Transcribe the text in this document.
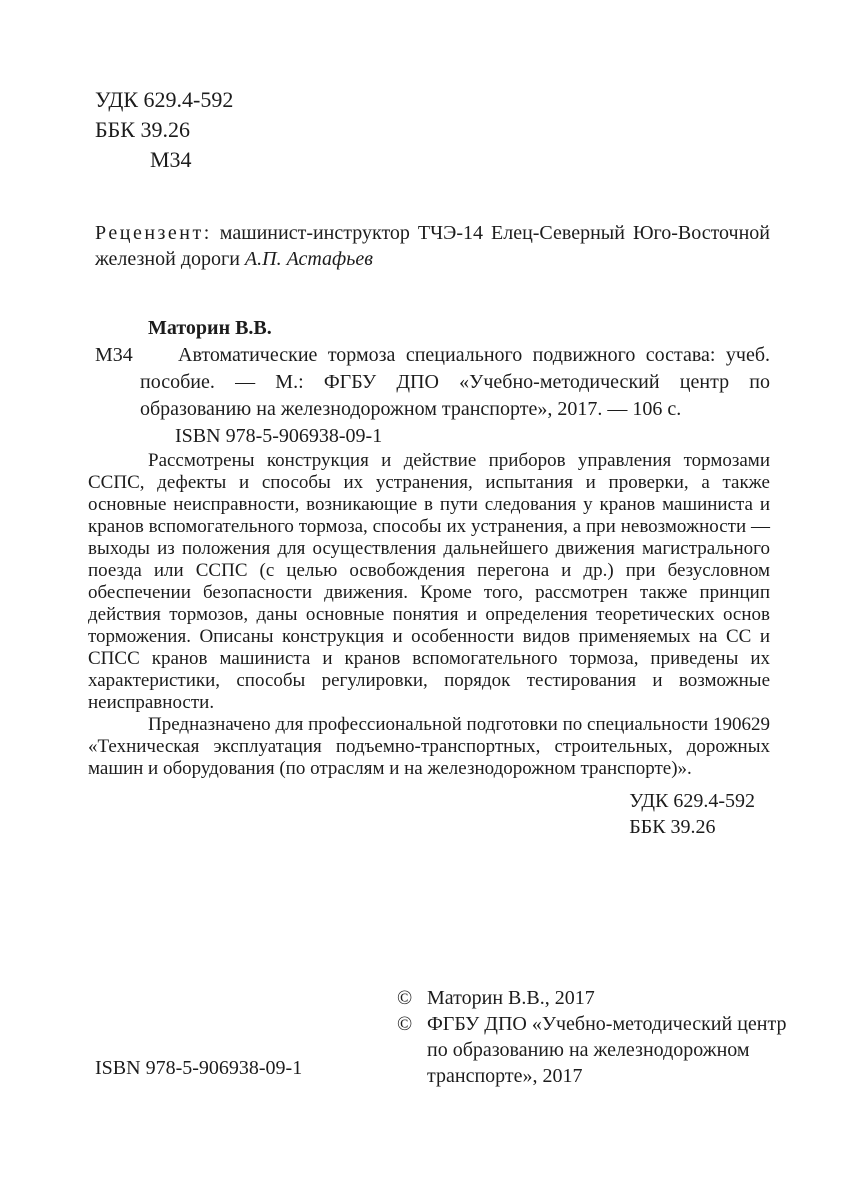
УДК 629.4-592
ББК 39.26
М34

Рецензент: машинист-инструктор ТЧЭ-14 Елец-Северный Юго-Восточной железной дороги А.П. Астафьев

Маторин В.В.
М34	Автоматические тормоза специального подвижного состава: учеб. пособие. — М.: ФГБУ ДПО «Учебно-методический центр по образованию на железнодорожном транспорте», 2017. — 106 с.

ISBN 978-5-906938-09-1

Рассмотрены конструкция и действие приборов управления тормозами ССПС, дефекты и способы их устранения, испытания и проверки, а также основные неисправности, возникающие в пути следования у кранов машиниста и кранов вспомогательного тормоза, способы их устранения, а при невозможности — выходы из положения для осуществления дальнейшего движения магистрального поезда или ССПС (с целью освобождения перегона и др.) при безусловном обеспечении безопасности движения. Кроме того, рассмотрен также принцип действия тормозов, даны основные понятия и определения теоретических основ торможения. Описаны конструкция и особенности видов применяемых на СС и СПСС кранов машиниста и кранов вспомогательного тормоза, приведены их характеристики, способы регулировки, порядок тестирования и возможные неисправности.

Предназначено для профессиональной подготовки по специальности 190629 «Техническая эксплуатация подъемно-транспортных, строительных, дорожных машин и оборудования (по отраслям и на железнодорожном транспорте)».

УДК 629.4-592
ББК 39.26
ISBN 978-5-906938-09-1
© Маторин В.В., 2017
© ФГБУ ДПО «Учебно-методический центр по образованию на железнодорожном транспорте», 2017
